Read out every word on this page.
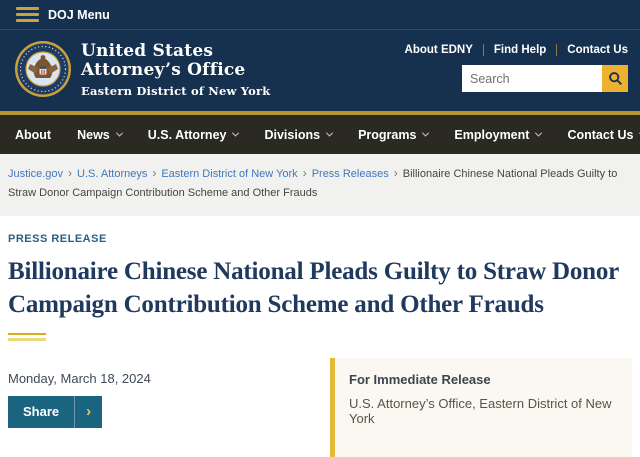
DOJ Menu
United States
Attorney’s Office
Eastern District of New York
About EDNY Find Help Contact Us
Search
About News	U.S. Attorney	Divisions	Programs	Employment	Contact Us
Justice.gov › U.S. Attorneys › Eastern District of New York › Press Releases › Billionaire Chinese National Pleads Guilty to Straw Donor Campaign Contribution Scheme and Other Frauds
PRESS RELEASE
Billionaire Chinese National Pleads Guilty to Straw Donor Campaign Contribution Scheme and Other Frauds
Monday, March 18, 2024
Share	›
For Immediate Release
U.S. Attorney’s Office, Eastern District of New York
